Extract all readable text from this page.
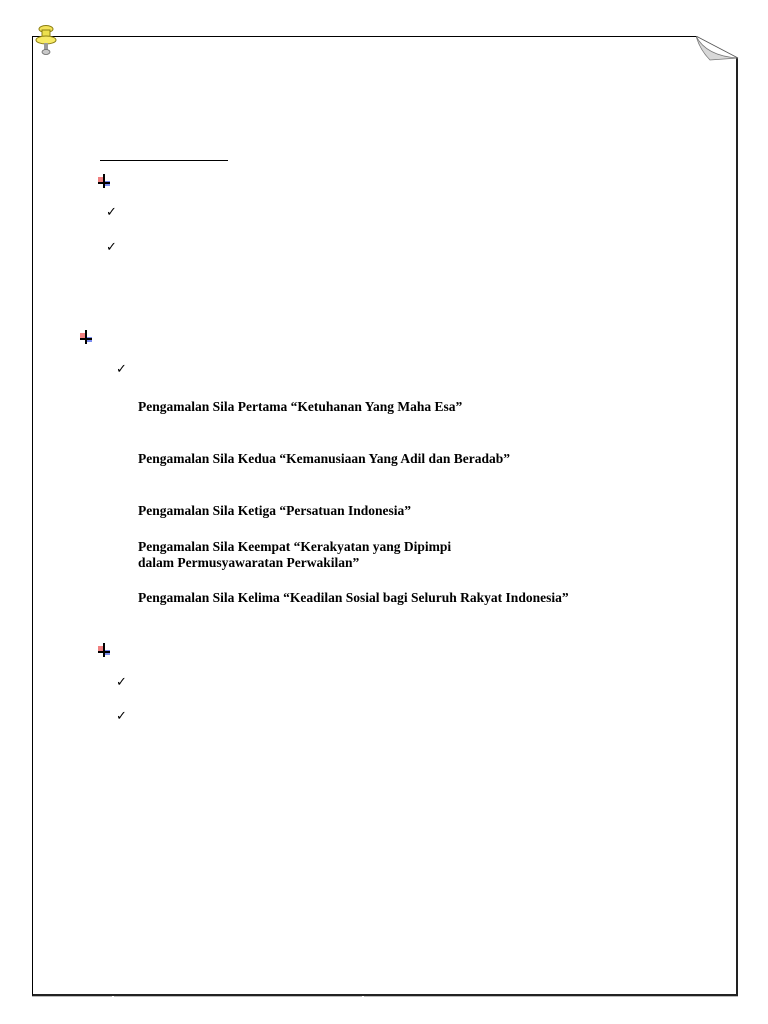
✓
✓
✓
✓
✓
Pengamalan Sila Pertama “Ketuhanan Yang Maha Esa”
Pengamalan Sila Kedua “Kemanusiaan Yang Adil dan Beradab”
Pengamalan Sila Ketiga “Persatuan Indonesia”
Pengamalan Sila Keempat “Kerakyatan yang Dipimpi
dalam Permusyawaratan Perwakilan”
Pengamalan Sila Kelima “Keadilan Sosial bagi Seluruh Rakyat Indonesia”
